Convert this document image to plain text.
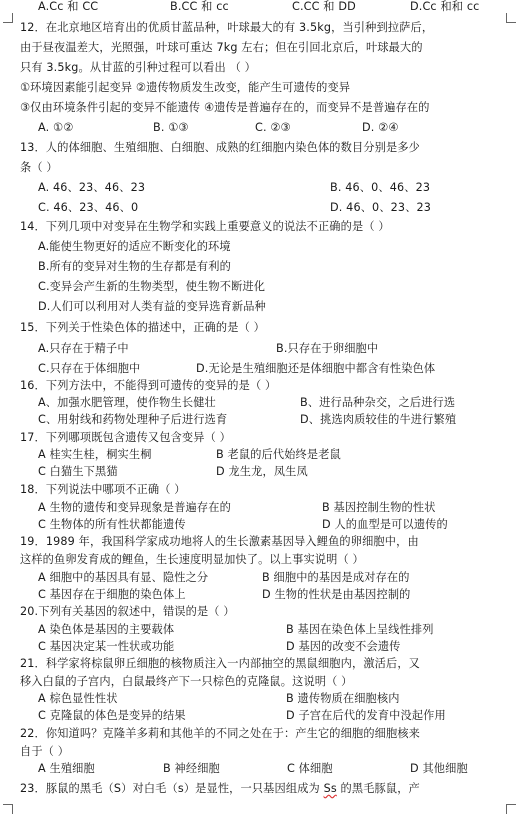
A.Cc 和 CC	B.CC 和 cc	C.CC 和 DD	D.Cc 和和 cc
12．在北京地区培育出的优质甘蓝品种，叶球最大的有 3.5kg，当引种到拉萨后，
由于昼夜温差大，光照强，叶球可重达 7kg 左右；但在引回北京后，叶球最大的
只有 3.5kg。从甘蓝的引种过程可以看出 （ ）
①环境因素能引起变异 ②遗传物质发生改变，能产生可遗传的变异
③仅由环境条件引起的变异不能遗传 ④遗传是普遍存在的，而变异不是普遍存在的
A. ①②	B. ①③	C. ②③	D. ②④
13．人的体细胞、生殖细胞、白细胞、成熟的红细胞内染色体的数目分别是多少
条（ ）
A. 46、23、46、23	B. 46、0、46、23
C. 46、23、46、0	D. 46、0、23、23
14．下列几项中对变异在生物学和实践上重要意义的说法不正确的是（ ）
A.能使生物更好的适应不断变化的环境
B.所有的变异对生物的生存都是有利的
C.变异会产生新的生物类型，使生物不断进化
D.人们可以利用对人类有益的变异选育新品种
15．下列关于性染色体的描述中，正确的是（ ）
A.只存在于精子中	B.只存在于卵细胞中
C.只存在于体细胞中	D.无论是生殖细胞还是体细胞中都含有性染色体
16．下列方法中，不能得到可遗传的变异的是（ ）
A、加强水肥管理，使作物生长健壮	B、进行品种杂交，之后进行选
C、用射线和药物处理种子后进行选育	D、挑选肉质较佳的牛进行繁殖
17．下列哪项既包含遗传又包含变异（ ）
A 桂实生桂，桐实生桐	B 老鼠的后代始终是老鼠
C 白猫生下黑猫	D 龙生龙，凤生凤
18．下列说法中哪项不正确（ ）
A 生物的遗传和变异现象是普遍存在的	B 基因控制生物的性状
C 生物体的所有性状都能遗传	D 人的血型是可以遗传的
19．1989 年，我国科学家成功地将人的生长激素基因导入鲤鱼的卵细胞中，由
这样的鱼卵发育成的鲤鱼，生长速度明显加快了。以上事实说明（ ）
A 细胞中的基因具有显、隐性之分	B 细胞中的基因是成对存在的
C 基因存在于细胞的染色体上	D 生物的性状是由基因控制的
20.下列有关基因的叙述中，错误的是（ ）
A 染色体是基因的主要载体	B 基因在染色体上呈线性排列
C 基因决定某一性状或功能	D 基因的改变不会遗传
21．科学家将棕鼠卵丘细胞的核物质注入一内部抽空的黑鼠细胞内，激活后，又
移入白鼠的子宫内，白鼠最终产下一只棕色的克隆鼠。这说明（ ）
A 棕色显性性状	B 遗传物质在细胞核内
C 克隆鼠的体色是变异的结果	D 子宫在后代的发育中没起作用
22．你知道吗？克隆羊多莉和其他羊的不同之处在于：产生它的细胞的细胞核来
自于（ ）
A 生殖细胞	B 神经细胞	C 体细胞	D 其他细胞
23．豚鼠的黑毛（S）对白毛（s）是显性，一只基因组成为 Ss 的黑毛豚鼠，产
